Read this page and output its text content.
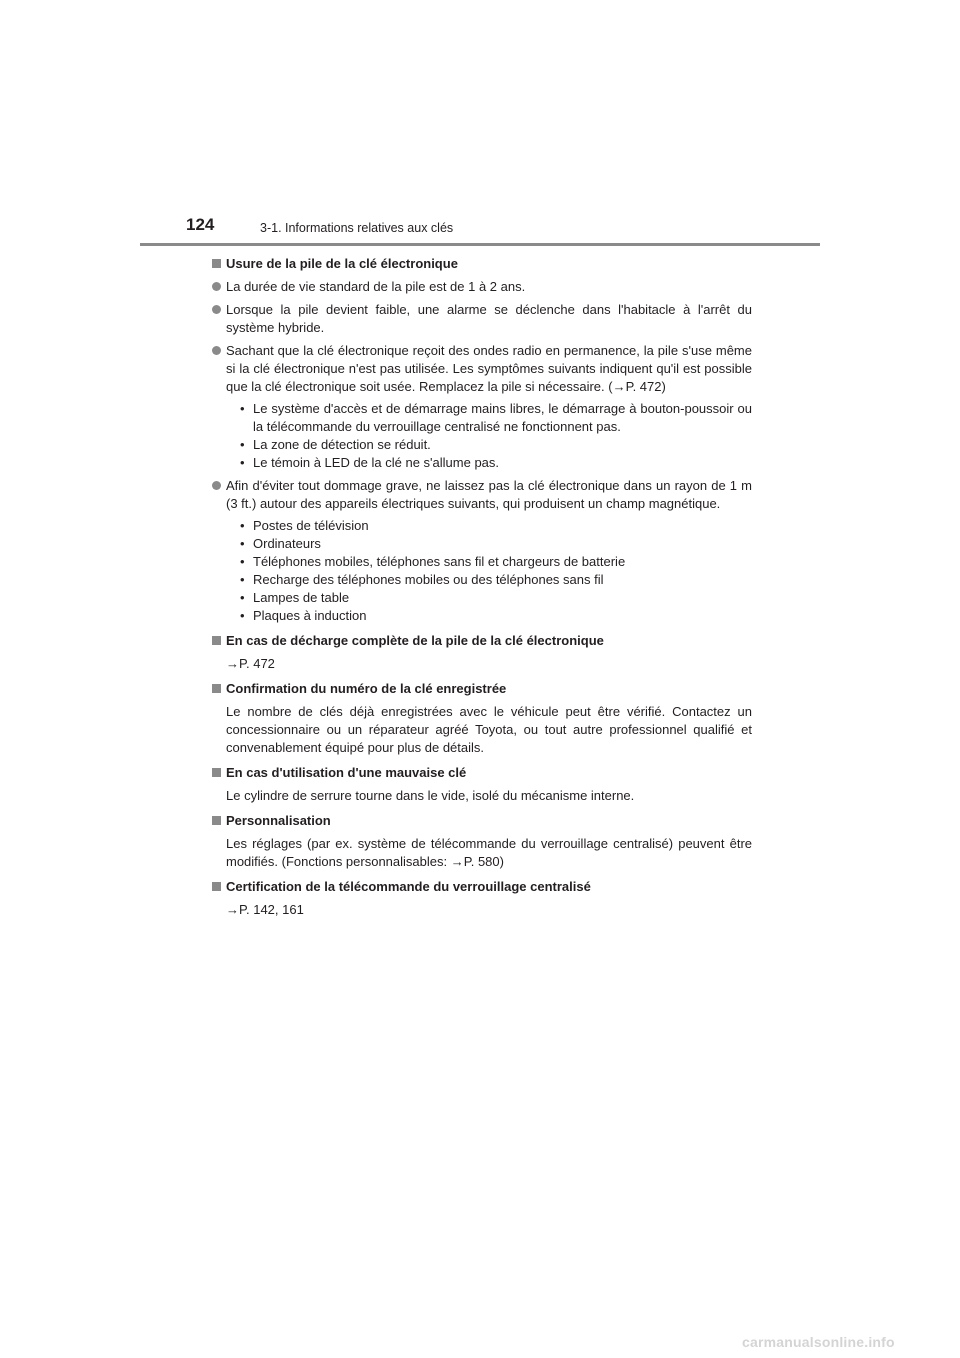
124	3-1. Informations relatives aux clés
Usure de la pile de la clé électronique
La durée de vie standard de la pile est de 1 à 2 ans.
Lorsque la pile devient faible, une alarme se déclenche dans l'habitacle à l'arrêt du système hybride.
Sachant que la clé électronique reçoit des ondes radio en permanence, la pile s'use même si la clé électronique n'est pas utilisée. Les symptômes suivants indiquent qu'il est possible que la clé électronique soit usée. Remplacez la pile si nécessaire. (→P. 472)
• Le système d'accès et de démarrage mains libres, le démarrage à bouton-poussoir ou la télécommande du verrouillage centralisé ne fonctionnent pas.
• La zone de détection se réduit.
• Le témoin à LED de la clé ne s'allume pas.
Afin d'éviter tout dommage grave, ne laissez pas la clé électronique dans un rayon de 1 m (3 ft.) autour des appareils électriques suivants, qui produisent un champ magnétique.
• Postes de télévision
• Ordinateurs
• Téléphones mobiles, téléphones sans fil et chargeurs de batterie
• Recharge des téléphones mobiles ou des téléphones sans fil
• Lampes de table
• Plaques à induction
En cas de décharge complète de la pile de la clé électronique
→P. 472
Confirmation du numéro de la clé enregistrée
Le nombre de clés déjà enregistrées avec le véhicule peut être vérifié. Contactez un concessionnaire ou un réparateur agréé Toyota, ou tout autre professionnel qualifié et convenablement équipé pour plus de détails.
En cas d'utilisation d'une mauvaise clé
Le cylindre de serrure tourne dans le vide, isolé du mécanisme interne.
Personnalisation
Les réglages (par ex. système de télécommande du verrouillage centralisé) peuvent être modifiés. (Fonctions personnalisables: →P. 580)
Certification de la télécommande du verrouillage centralisé
→P. 142, 161
carmanualsonline.info
